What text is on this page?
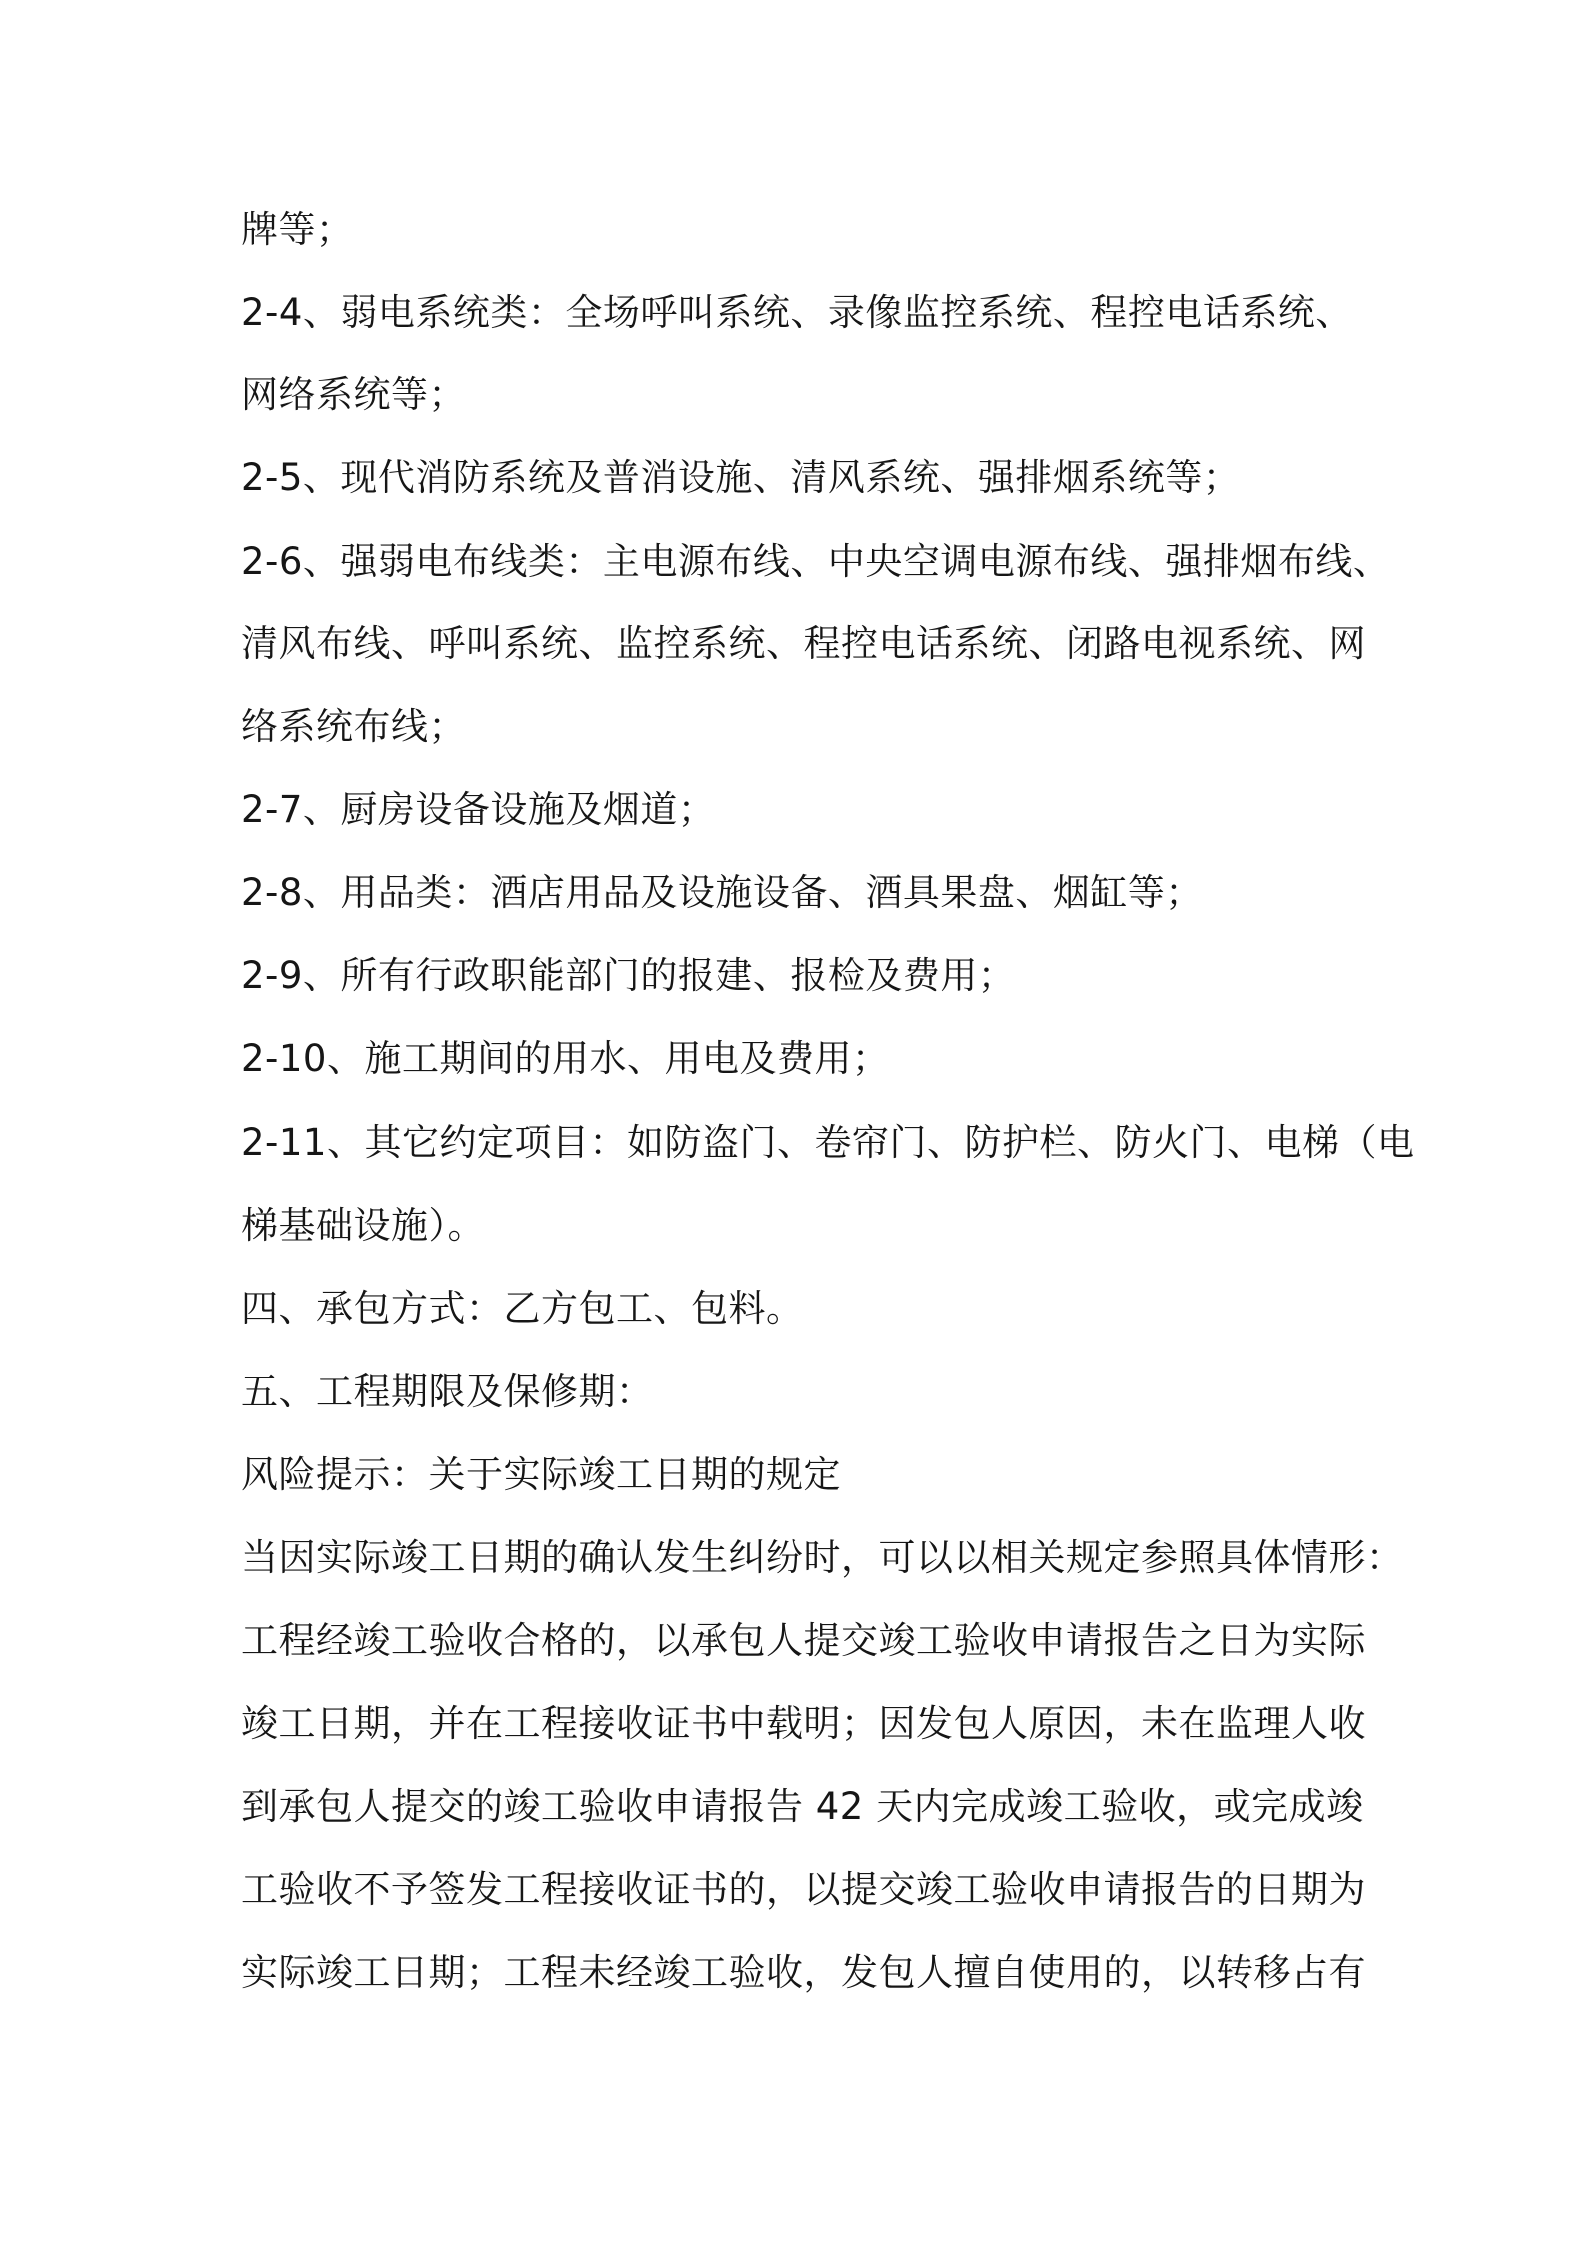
牌等；
2-4、弱电系统类：全场呼叫系统、录像监控系统、程控电话系统、
网络系统等；
2-5、现代消防系统及普消设施、清风系统、强排烟系统等；
2-6、强弱电布线类：主电源布线、中央空调电源布线、强排烟布线、
清风布线、呼叫系统、监控系统、程控电话系统、闭路电视系统、网
络系统布线；
2-7、厨房设备设施及烟道；
2-8、用品类：酒店用品及设施设备、酒具果盘、烟缸等；
2-9、所有行政职能部门的报建、报检及费用；
2-10、施工期间的用水、用电及费用；
2-11、其它约定项目：如防盗门、卷帘门、防护栏、防火门、电梯（电
梯基础设施）。
四、承包方式：乙方包工、包料。
五、工程期限及保修期：
风险提示：关于实际竣工日期的规定
当因实际竣工日期的确认发生纠纷时，可以以相关规定参照具体情形：
工程经竣工验收合格的，以承包人提交竣工验收申请报告之日为实际
竣工日期，并在工程接收证书中载明；因发包人原因，未在监理人收
到承包人提交的竣工验收申请报告 42 天内完成竣工验收，或完成竣
工验收不予签发工程接收证书的，以提交竣工验收申请报告的日期为
实际竣工日期；工程未经竣工验收，发包人擅自使用的，以转移占有
